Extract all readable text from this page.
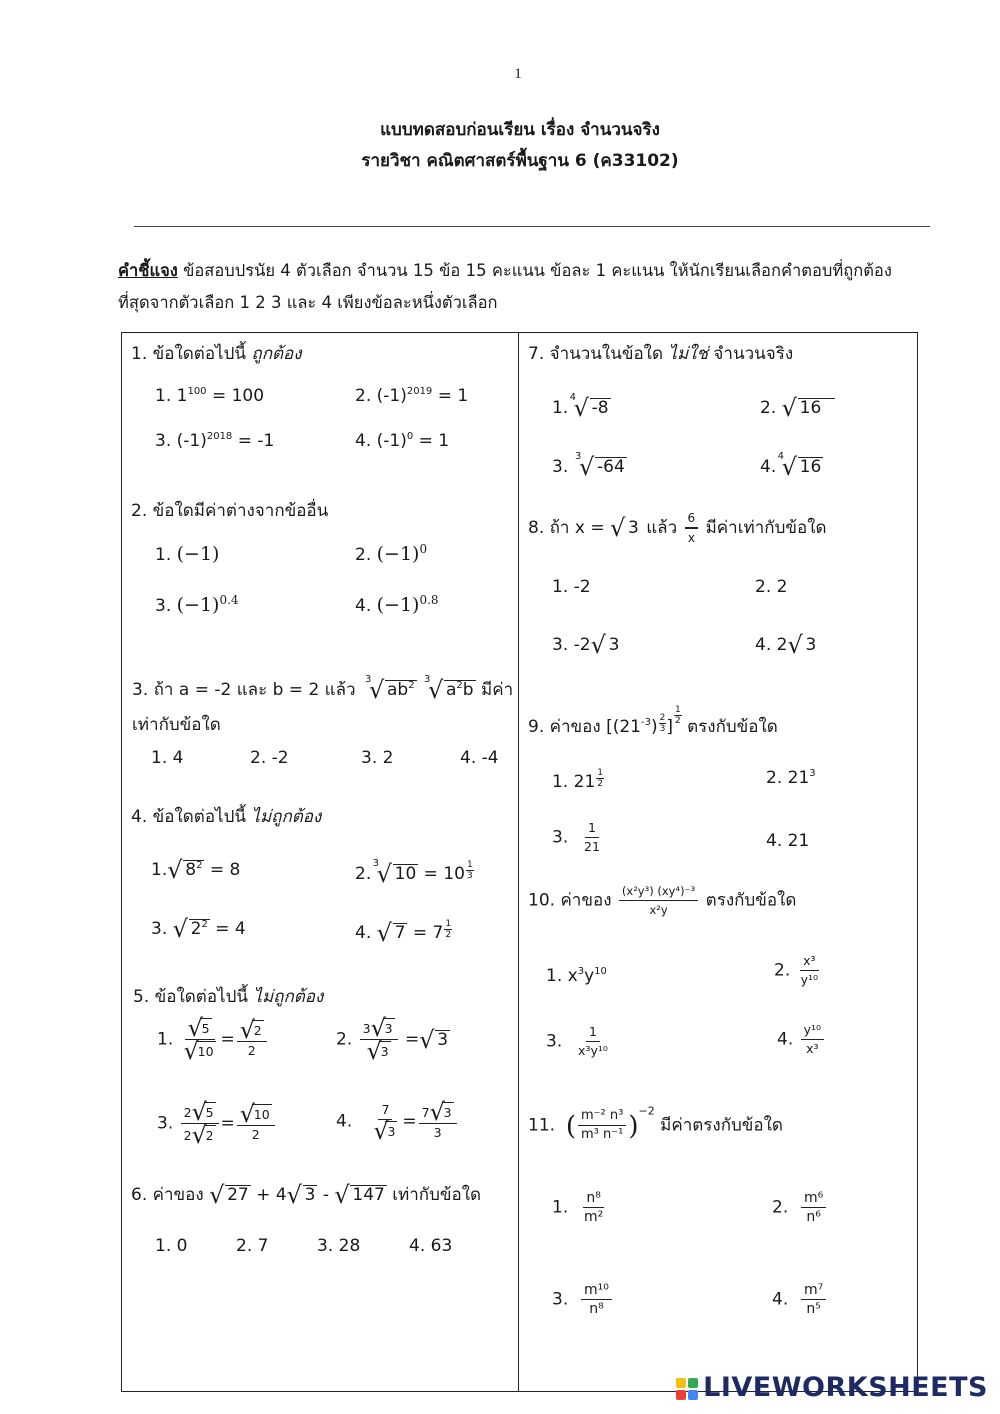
1
แบบทดสอบก่อนเรียน เรื่อง จำนวนจริง
รายวิชา คณิตศาสตร์พื้นฐาน 6 (ค33102)
คำชี้แจง ข้อสอบปรนัย 4 ตัวเลือก จำนวน 15 ข้อ 15 คะแนน ข้อละ 1 คะแนน ให้นักเรียนเลือกคำตอบที่ถูกต้องที่สุดจากตัวเลือก 1 2 3 และ 4 เพียงข้อละหนึ่งตัวเลือก
1. ข้อใดต่อไปนี้ ถูกต้อง
1. $1^{100} = 100$	2. $(-1)^{2019} = 1$
3. $(-1)^{2018} = -1$	4. $(-1)^0 = 1$
2. ข้อใดมีค่าต่างจากข้ออื่น
1. (−1)	2. $(-1)^0$
3. $(-1)^{0.4}$	4. $(-1)^{0.8}$
3. ถ้า a = -2 และ b = 2 แล้ว
√ 3
$ab^2$
√ 3
$a^2b$ มีค่า
เท่ากับข้อใด
1. 4	2. -2	3. 2	4. -4
4. ข้อใดต่อไปนี้ ไม่ถูกต้อง
1. √ $8^2 = 8$	2.
√ 3
$10 = 10 \frac{1}{3}$
3. √ $2^2 = 4$	4. √ $7 = 7 \frac{1}{2}$
5. ข้อใดต่อไปนี้ ไม่ถูกต้อง
1. √ 5
√ 10 = √ $\frac{2}{2}$	2. 3 √ 3
√ 3 = √ 3
3. $\frac{2 √ 5}{2 √ 2}$ = √ $\frac{10}{2}$	4. 7
√ $3 = \frac{7 √ 3}{3}$
6. ค่าของ √ 27 + 4 √ 3 - √ 147 เท่ากับข้อใด
1. 0	2. 7	3. 28	4. 63
7. จำนวนในข้อใด ไม่ใช่ จำนวนจริง
1.
√ 4
-8	2. √ 16
3.
√ 3
-64	4.
√ 4
16
8. ถ้า x = √ 3 แล้ว $\frac{6}{x}$ มีค่าเท่ากับข้อใด
1. -2	2. 2
3. -2 √ 3	4. 2 √ 3
9. ค่าของ [$(21^{-3}) \frac{2}{3}$ ]
$\frac{1}{2}$
ตรงกับข้อใด
1. $21 \frac{1}{2}$	2. $21^3$
3. $\frac{1}{21}$	4. 21
10. ค่าของ $\frac{\text{(x²y³) (xy⁴)⁻³}}{\text{x²y}}$ ตรงกับข้อใด
1. $x^3y^{10}$	2. $\frac{\text{x³}}{\text{y¹⁰}}$
3. $\frac{1}{\text{x³y¹⁰}}$	4. $\frac{\text{y¹⁰}}{\text{x³}}$
11. ( $\frac{\text{m⁻² n³}}{\text{m³ n⁻¹}} )^{-2}$ มีค่าตรงกับข้อใด
1. $\frac{\text{n⁸}}{\text{m²}}$	2. $\frac{\text{m⁶}}{\text{n⁶}}$
3. $\frac{\text{m¹⁰}}{\text{n⁸}}$	4. $\frac{\text{m⁷}}{\text{n⁵}}$
LIVEWORKSHEETS
